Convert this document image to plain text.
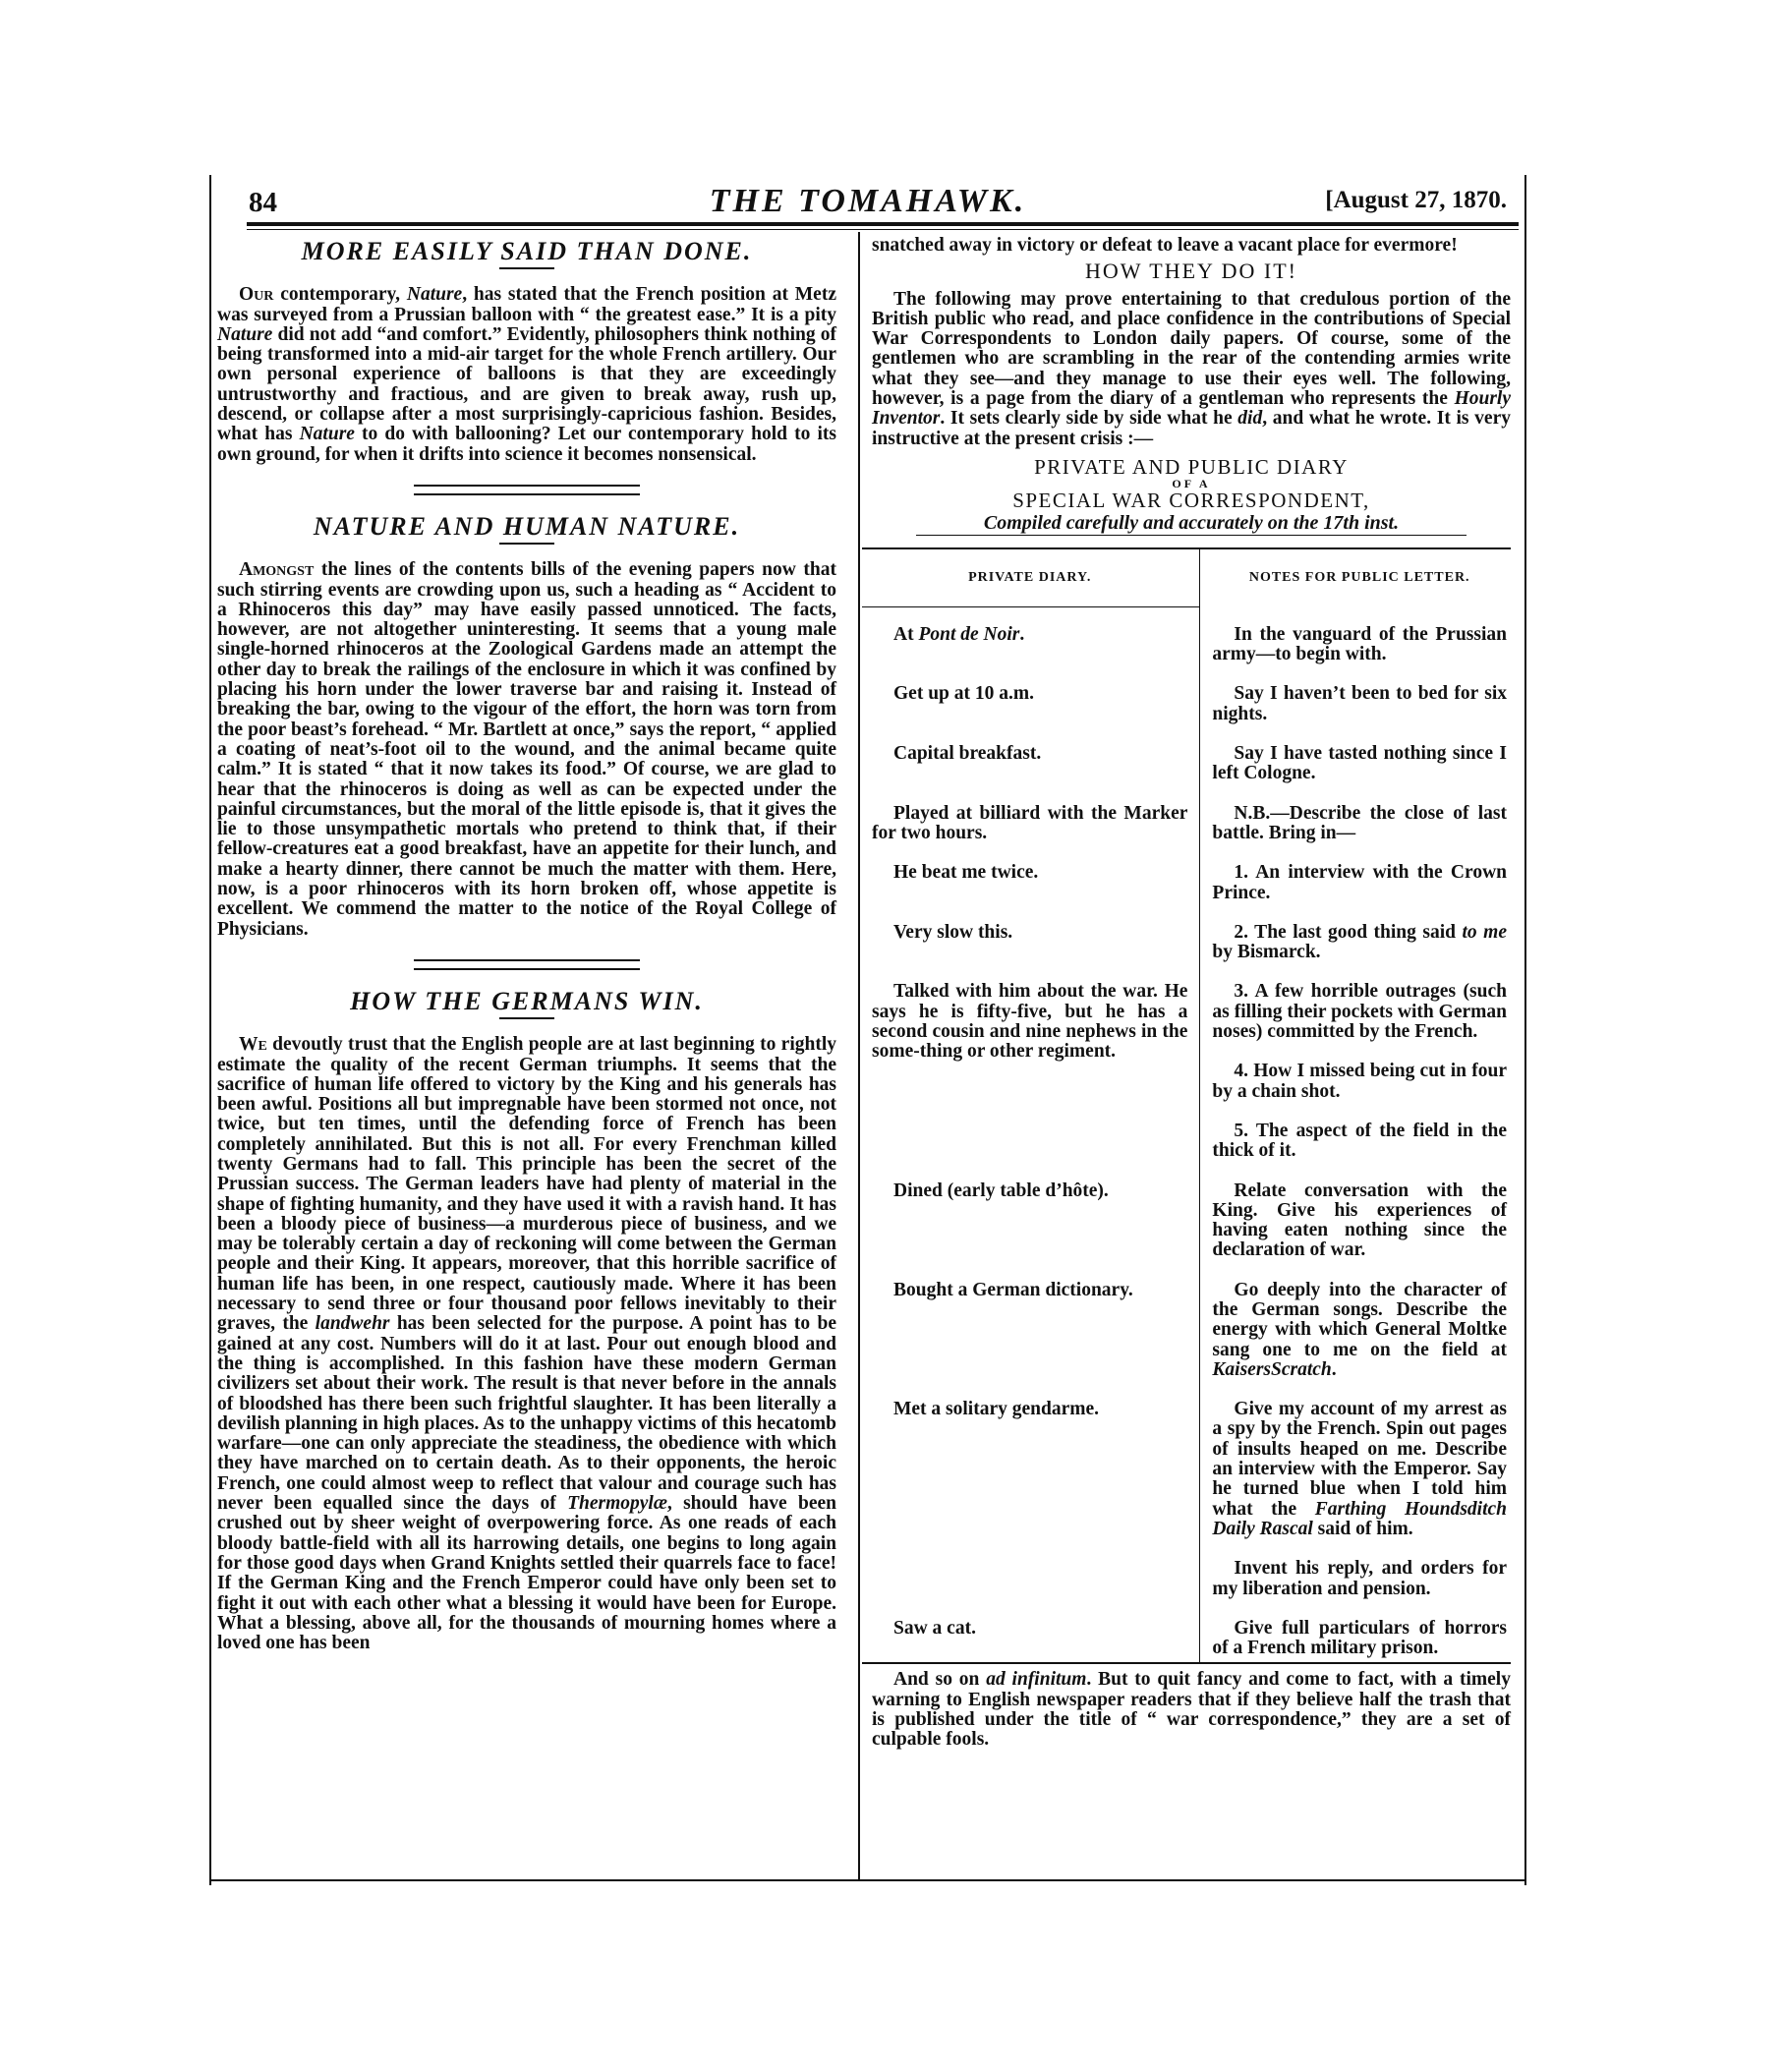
84	THE TOMAHAWK.	[August 27, 1870.
MORE EASILY SAID THAN DONE.

Our contemporary, Nature, has stated that the French position at Metz was surveyed from a Prussian balloon with “ the greatest ease.” It is a pity Nature did not add “and comfort.” Evidently, philosophers think nothing of being transformed into a mid-air target for the whole French artillery. Our own personal experience of balloons is that they are exceedingly untrustworthy and fractious, and are given to break away, rush up, descend, or collapse after a most surprisingly-capricious fashion. Besides, what has Nature to do with ballooning? Let our contemporary hold to its own ground, for when it drifts into science it becomes nonsensical.

NATURE AND HUMAN NATURE.

Amongst the lines of the contents bills of the evening papers now that such stirring events are crowding upon us, such a heading as “ Accident to a Rhinoceros this day” may have easily passed unnoticed. The facts, however, are not altogether uninteresting. It seems that a young male single-horned rhinoceros at the Zoological Gardens made an attempt the other day to break the railings of the enclosure in which it was confined by placing his horn under the lower traverse bar and raising it. Instead of breaking the bar, owing to the vigour of the effort, the horn was torn from the poor beast’s forehead. “ Mr. Bartlett at once,” says the report, “ applied a coating of neat’s-foot oil to the wound, and the animal became quite calm.” It is stated “ that it now takes its food.” Of course, we are glad to hear that the rhinoceros is doing as well as can be expected under the painful circumstances, but the moral of the little episode is, that it gives the lie to those unsympathetic mortals who pretend to think that, if their fellow-creatures eat a good breakfast, have an appetite for their lunch, and make a hearty dinner, there cannot be much the matter with them. Here, now, is a poor rhinoceros with its horn broken off, whose appetite is excellent. We commend the matter to the notice of the Royal College of Physicians.

HOW THE GERMANS WIN.

We devoutly trust that the English people are at last beginning to rightly estimate the quality of the recent German triumphs. It seems that the sacrifice of human life offered to victory by the King and his generals has been awful. Positions all but impregnable have been stormed not once, not twice, but ten times, until the defending force of French has been completely annihilated. But this is not all. For every Frenchman killed twenty Germans had to fall. This principle has been the secret of the Prussian success. The German leaders have had plenty of material in the shape of fighting humanity, and they have used it with a ravish hand. It has been a bloody piece of business—a murderous piece of business, and we may be tolerably certain a day of reckoning will come between the German people and their King. It appears, moreover, that this horrible sacrifice of human life has been, in one respect, cautiously made. Where it has been necessary to send three or four thousand poor fellows inevitably to their graves, the landwehr has been selected for the purpose. A point has to be gained at any cost. Numbers will do it at last. Pour out enough blood and the thing is accomplished. In this fashion have these modern German civilizers set about their work. The result is that never before in the annals of bloodshed has there been such frightful slaughter. It has been literally a devilish planning in high places. As to the unhappy victims of this hecatomb warfare—one can only appreciate the steadiness, the obedience with which they have marched on to certain death. As to their opponents, the heroic French, one could almost weep to reflect that valour and courage such has never been equalled since the days of Thermopylæ, should have been crushed out by sheer weight of overpowering force. As one reads of each bloody battle-field with all its harrowing details, one begins to long again for those good days when Grand Knights settled their quarrels face to face! If the German King and the French Emperor could have only been set to fight it out with each other what a blessing it would have been for Europe. What a blessing, above all, for the thousands of mourning homes where a loved one has been

snatched away in victory or defeat to leave a vacant place for evermore!

HOW THEY DO IT!

The following may prove entertaining to that credulous portion of the British public who read, and place confidence in the contributions of Special War Correspondents to London daily papers. Of course, some of the gentlemen who are scrambling in the rear of the contending armies write what they see—and they manage to use their eyes well. The following, however, is a page from the diary of a gentleman who represents the Hourly Inventor. It sets clearly side by side what he did, and what he wrote. It is very instructive at the present crisis :—

PRIVATE AND PUBLIC DIARY
OF A
SPECIAL WAR CORRESPONDENT,
Compiled carefully and accurately on the 17th inst.
PRIVATE DIARY.	NOTES FOR PUBLIC LETTER.

At Pont de Noir.	In the vanguard of the Prussian army—to begin with.

Get up at 10 a.m.	Say I haven’t been to bed for six nights.

Capital breakfast.	Say I have tasted nothing since I left Cologne.

Played at billiard with the Marker for two hours.	N.B.—Describe the close of last battle. Bring in—

He beat me twice.	1. An interview with the Crown Prince.

Very slow this.	2. The last good thing said to me by Bismarck.

Talked with him about the war. He says he is fifty-five, but he has a second cousin and nine nephews in the some-thing or other regiment.	3. A few horrible outrages (such as filling their pockets with German noses) committed by the French.

4. How I missed being cut in four by a chain shot.

5. The aspect of the field in the thick of it.

Dined (early table d’hôte).	Relate conversation with the King. Give his experiences of having eaten nothing since the declaration of war.

Bought a German dictionary.	Go deeply into the character of the German songs. Describe the energy with which General Moltke sang one to me on the field at KaisersScratch.

Met a solitary gendarme.	Give my account of my arrest as a spy by the French. Spin out pages of insults heaped on me. Describe an interview with the Emperor. Say he turned blue when I told him what the Farthing Houndsditch Daily Rascal said of him.

Invent his reply, and orders for my liberation and pension.

Saw a cat.	Give full particulars of horrors of a French military prison.

And so on ad infinitum. But to quit fancy and come to fact, with a timely warning to English newspaper readers that if they believe half the trash that is published under the title of “ war correspondence,” they are a set of culpable fools.
